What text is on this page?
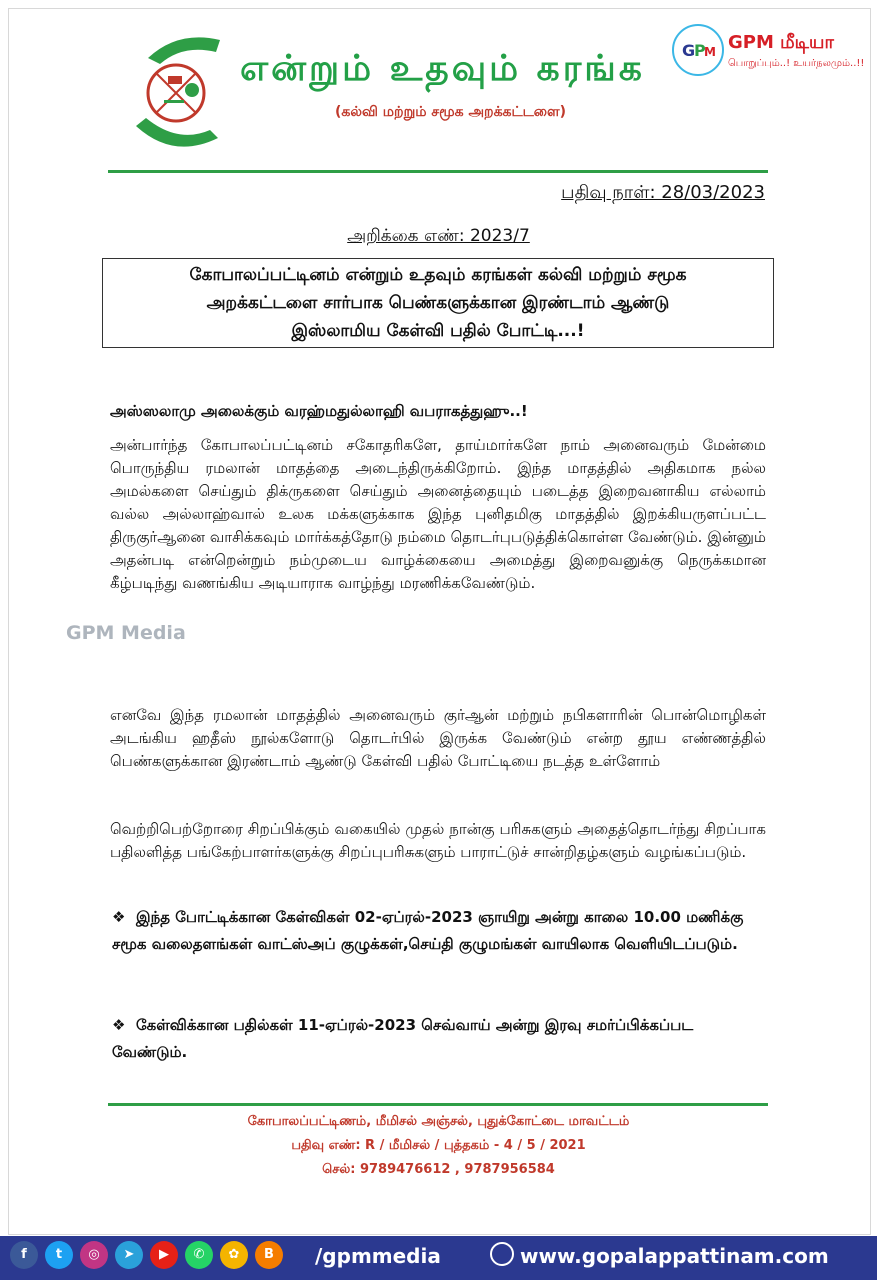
என்றும் உதவும் கரங்க
(கல்வி மற்றும் சமூக அறக்கட்டளை)
G
P
M GPM மீடியா
பொறுப்பும்..! உயர்நலமும்..!!
பதிவு நாள்: 28/03/2023
அறிக்கை எண்: 2023/7
கோபாலப்பட்டினம் என்றும் உதவும் கரங்கள் கல்வி மற்றும் சமூக
அறக்கட்டளை சார்பாக பெண்களுக்கான இரண்டாம் ஆண்டு
இஸ்லாமிய கேள்வி பதில் போட்டி...!
அஸ்ஸலாமு அலைக்கும் வரஹ்மதுல்லாஹி வபராகத்துஹு..!
அன்பார்ந்த கோபாலப்பட்டினம் சகோதரிகளே, தாய்மார்களே நாம் அனைவரும் மேன்மை பொருந்திய ரமலான் மாதத்தை அடைந்திருக்கிறோம். இந்த மாதத்தில் அதிகமாக நல்ல அமல்களை செய்தும் திக்ருகளை செய்தும் அனைத்தையும் படைத்த இறைவனாகிய எல்லாம் வல்ல அல்லாஹ்வால் உலக மக்களுக்காக இந்த புனிதமிகு மாதத்தில் இறக்கியருளப்பட்ட திருகுர்ஆனை வாசிக்கவும் மார்க்கத்தோடு நம்மை தொடர்புபடுத்திக்கொள்ள வேண்டும். இன்னும் அதன்படி என்றென்றும் நம்முடைய வாழ்க்கையை அமைத்து இறைவனுக்கு நெருக்கமான கீழ்படிந்து வணங்கிய அடியாராக வாழ்ந்து மரணிக்கவேண்டும்.
எனவே இந்த ரமலான் மாதத்தில் அனைவரும் குர்ஆன் மற்றும் நபிகளாரின் பொன்மொழிகள் அடங்கிய ஹதீஸ் நூல்களோடு தொடர்பில் இருக்க வேண்டும் என்ற தூய எண்ணத்தில் பெண்களுக்கான இரண்டாம் ஆண்டு கேள்வி பதில் போட்டியை நடத்த உள்ளோம்
வெற்றிபெற்றோரை சிறப்பிக்கும் வகையில் முதல் நான்கு பரிசுகளும் அதைத்தொடர்ந்து சிறப்பாக பதிலளித்த பங்கேற்பாளர்களுக்கு சிறப்புபரிசுகளும் பாராட்டுச் சான்றிதழ்களும் வழங்கப்படும்.
❖ இந்த போட்டிக்கான கேள்விகள் 02-ஏப்ரல்-2023 ஞாயிறு அன்று காலை 10.00 மணிக்கு சமூக வலைதளங்கள் வாட்ஸ்அப் குழுக்கள்,செய்தி குழுமங்கள் வாயிலாக வெளியிடப்படும்.
❖ கேள்விக்கான பதில்கள் 11-ஏப்ரல்-2023 செவ்வாய் அன்று இரவு சமர்ப்பிக்கப்பட வேண்டும்.
GPM Media
கோபாலப்பட்டிணம், மீமிசல் அஞ்சல், புதுக்கோட்டை மாவட்டம்
பதிவு எண்: R / மீமிசல் / புத்தகம் - 4 / 5 / 2021
செல்: 9789476612 , 9787956584
f	t	◎	➤	▶	✆	✿	B	/gpmmedia	www.gopalappattinam.com
